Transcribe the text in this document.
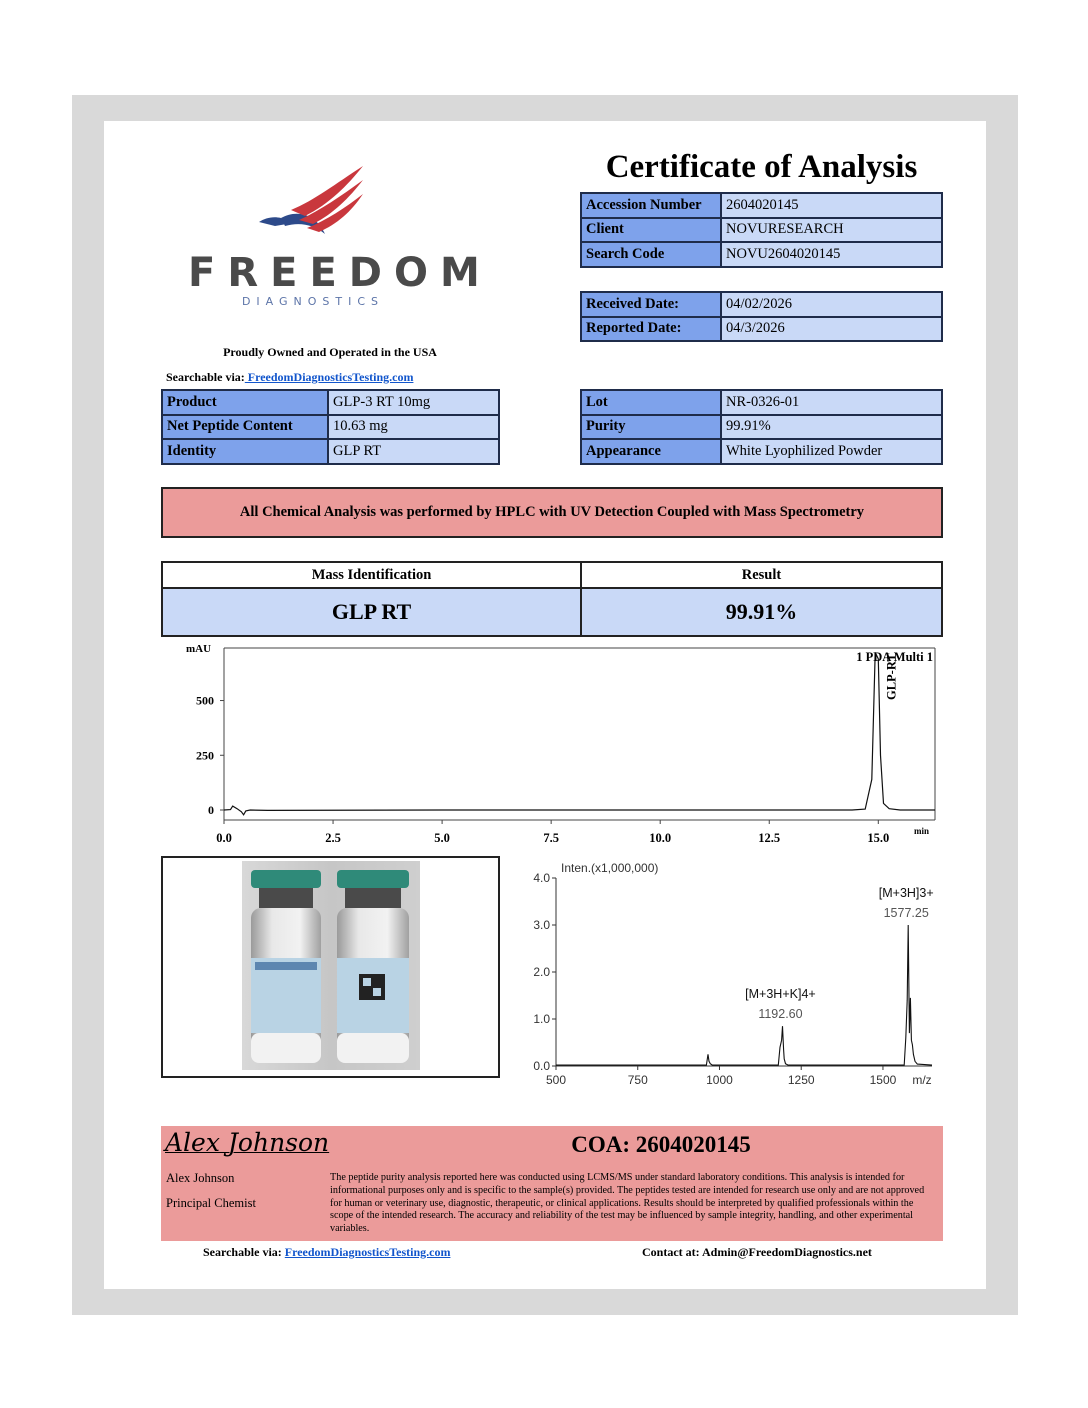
FREEDOM
DIAGNOSTICS
Proudly Owned and Operated in the USA
Searchable via: FreedomDiagnosticsTesting.com
Certificate of Analysis
Accession Number	2604020145
Client	NOVURESEARCH
Search Code	NOVU2604020145
Received Date:	04/02/2026
Reported Date:	04/3/2026
Product	GLP-3 RT 10mg
Net Peptide Content	10.63 mg
Identity	GLP RT
Lot	NR-0326-01
Purity	99.91%
Appearance	White Lyophilized Powder
All Chemical Analysis was performed by HPLC with UV Detection Coupled with Mass Spectrometry
Mass Identification	Result
GLP RT	99.91%
mAU
0
250
500
0.0	2.5	5.0	7.5	10.0	12.5	15.0	min
1 PDA Multi 1
GLP-RT
Inten.(x1,000,000)
0.0
1.0
2.0
3.0
4.0
500	750	1000	1250	1500 m/z
1192.60
[M+3H+K]4+
1577.25
[M+3H]3+
Alex Johnson
Alex Johnson
Principal Chemist
COA: 2604020145
The peptide purity analysis reported here was conducted using LCMS/MS under standard laboratory conditions. This analysis is intended for informational purposes only and is specific to the sample(s) provided. The peptides tested are intended for research use only and are not approved for human or veterinary use, diagnostic, therapeutic, or clinical applications. Results should be interpreted by qualified professionals within the scope of the intended research. The accuracy and reliability of the test may be influenced by sample integrity, handling, and other experimental variables.
Searchable via: FreedomDiagnosticsTesting.com	Contact at: Admin@FreedomDiagnostics.net
